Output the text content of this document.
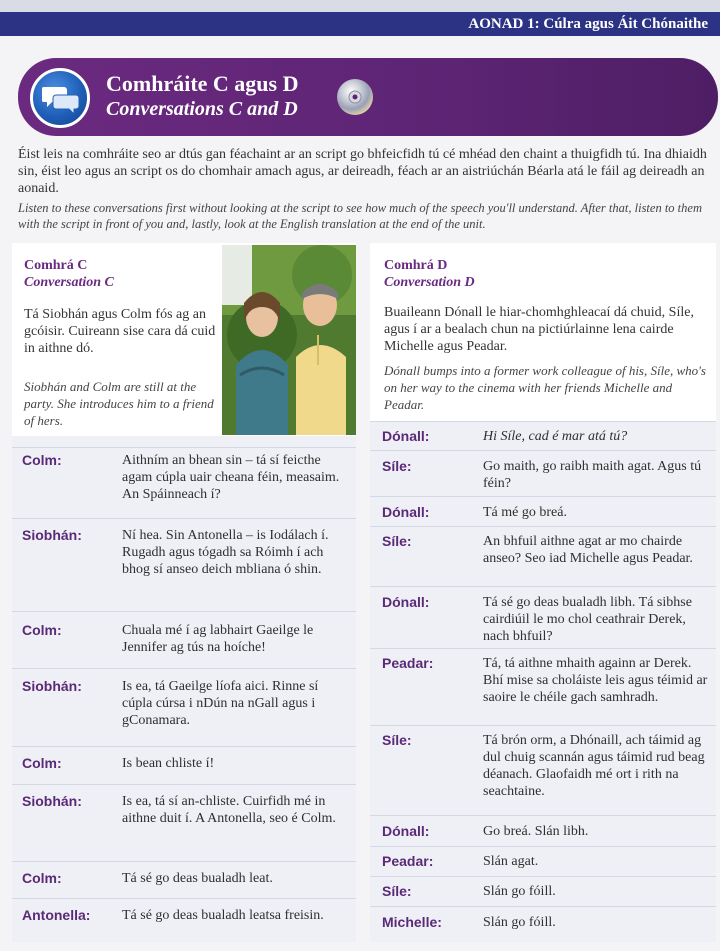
AONAD 1: Cúlra agus Áit Chónaithe
Comhráite C agus D
Conversations C and D
Éist leis na comhráite seo ar dtús gan féachaint ar an script go bhfeicfidh tú cé mhéad den chaint a thuigfidh tú. Ina dhiaidh sin, éist leo agus an script os do chomhair amach agus, ar deireadh, féach ar an aistriúchán Béarla atá le fáil ag deireadh an aonaid.
Listen to these conversations first without looking at the script to see how much of the speech you'll understand. After that, listen to them with the script in front of you and, lastly, look at the English translation at the end of the unit.
Comhrá C
Conversation C
Tá Siobhán agus Colm fós ag an gcóisir. Cuireann sise cara dá cuid in aithne dó.
Siobhán and Colm are still at the party. She introduces him to a friend of hers.
Colm:	Aithním an bhean sin – tá sí feicthe agam cúpla uair cheana féin, measaim. An Spáinneach í?
Siobhán:	Ní hea. Sin Antonella – is Iodálach í. Rugadh agus tógadh sa Róimh í ach bhog sí anseo deich mbliana ó shin.
Colm:	Chuala mé í ag labhairt Gaeilge le Jennifer ag tús na hoíche!
Siobhán:	Is ea, tá Gaeilge líofa aici. Rinne sí cúpla cúrsa i nDún na nGall agus i gConamara.
Colm:	Is bean chliste í!
Siobhán:	Is ea, tá sí an-chliste. Cuirfidh mé in aithne duit í. A Antonella, seo é Colm.
Colm:	Tá sé go deas bualadh leat.
Antonella: Tá sé go deas bualadh leatsa freisin.
Comhrá D
Conversation D
Buaileann Dónall le hiar-chomhghleacaí dá chuid, Síle, agus í ar a bealach chun na pictiúrlainne lena cairde Michelle agus Peadar.
Dónall bumps into a former work colleague of his, Síle, who's on her way to the cinema with her friends Michelle and Peadar.
Dónall:	Hi Síle, cad é mar atá tú?
Síle:	Go maith, go raibh maith agat. Agus tú féin?
Dónall:	Tá mé go breá.
Síle:	An bhfuil aithne agat ar mo chairde anseo? Seo iad Michelle agus Peadar.
Dónall:	Tá sé go deas bualadh libh. Tá sibhse cairdiúil le mo chol ceathrair Derek, nach bhfuil?
Peadar:	Tá, tá aithne mhaith againn ar Derek. Bhí mise sa choláiste leis agus téimid ar saoire le chéile gach samhradh.
Síle:	Tá brón orm, a Dhónaill, ach táimid ag dul chuig scannán agus táimid rud beag déanach. Glaofaidh mé ort i rith na seachtaine.
Dónall:	Go breá. Slán libh.
Peadar:	Slán agat.
Síle:	Slán go fóill.
Michelle:	Slán go fóill.
